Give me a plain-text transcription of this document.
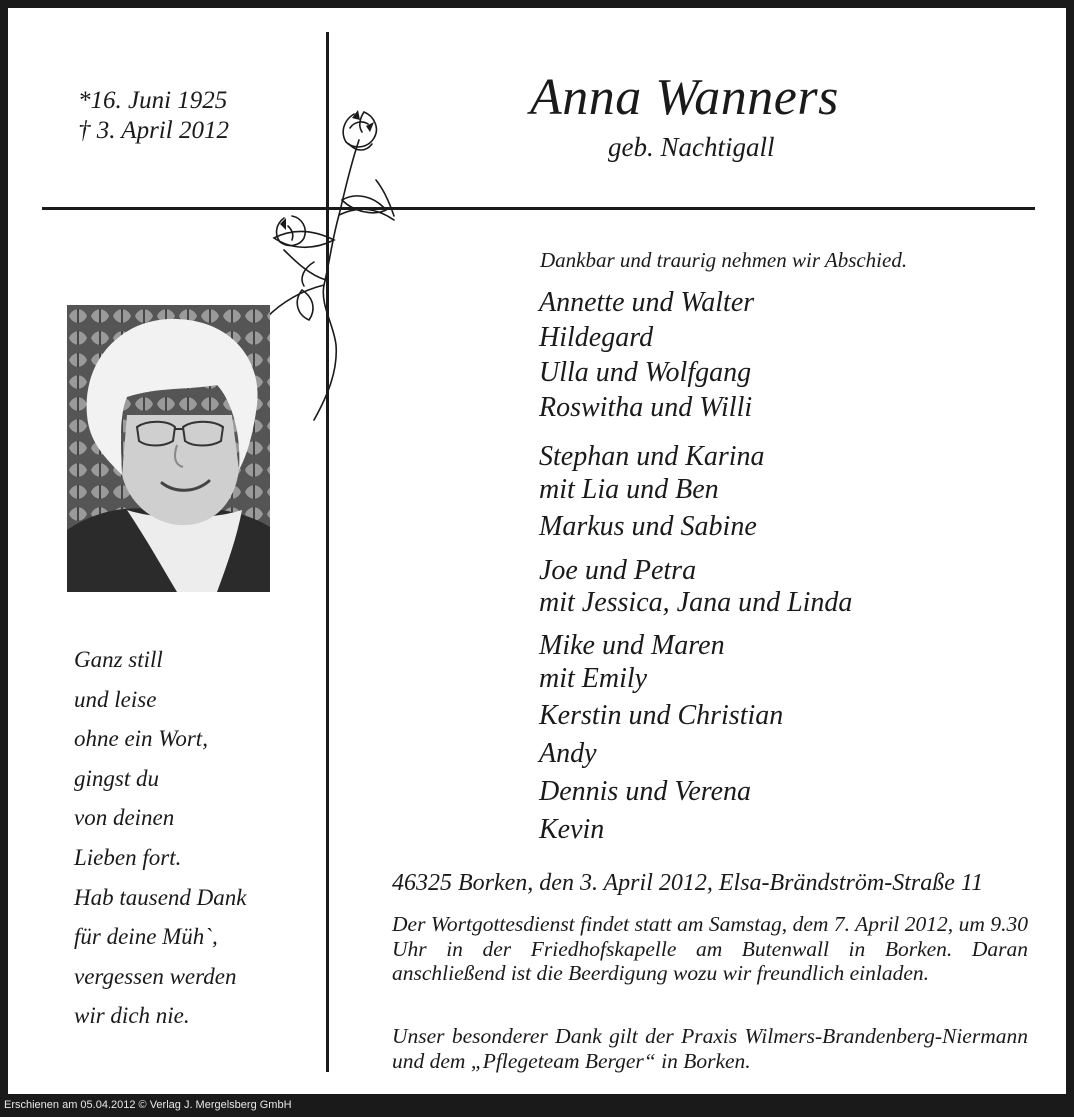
*16. Juni 1925
† 3. April 2012
Anna Wanners
geb. Nachtigall
Ganz still
und leise
ohne ein Wort,
gingst du
von deinen
Lieben fort.
Hab tausend Dank
für deine Müh`,
vergessen werden
wir dich nie.
Dankbar und traurig nehmen wir Abschied.
Annette und Walter
Hildegard
Ulla und Wolfgang
Roswitha und Willi
Stephan und Karina
mit Lia und Ben
Markus und Sabine
Joe und Petra
mit Jessica, Jana und Linda
Mike und Maren
mit Emily
Kerstin und Christian
Andy
Dennis und Verena
Kevin
46325 Borken, den 3. April 2012, Elsa-Brändström-Straße 11
Der Wortgottesdienst findet statt am Samstag, dem 7. April 2012, um 9.30 Uhr in der Friedhofskapelle am Butenwall in Borken. Daran anschließend ist die Beerdigung wozu wir freundlich einladen.
Unser besonderer Dank gilt der Praxis Wilmers-Brandenberg-Niermann und dem „Pflegeteam Berger“ in Borken.
Erschienen am 05.04.2012 © Verlag J. Mergelsberg GmbH
